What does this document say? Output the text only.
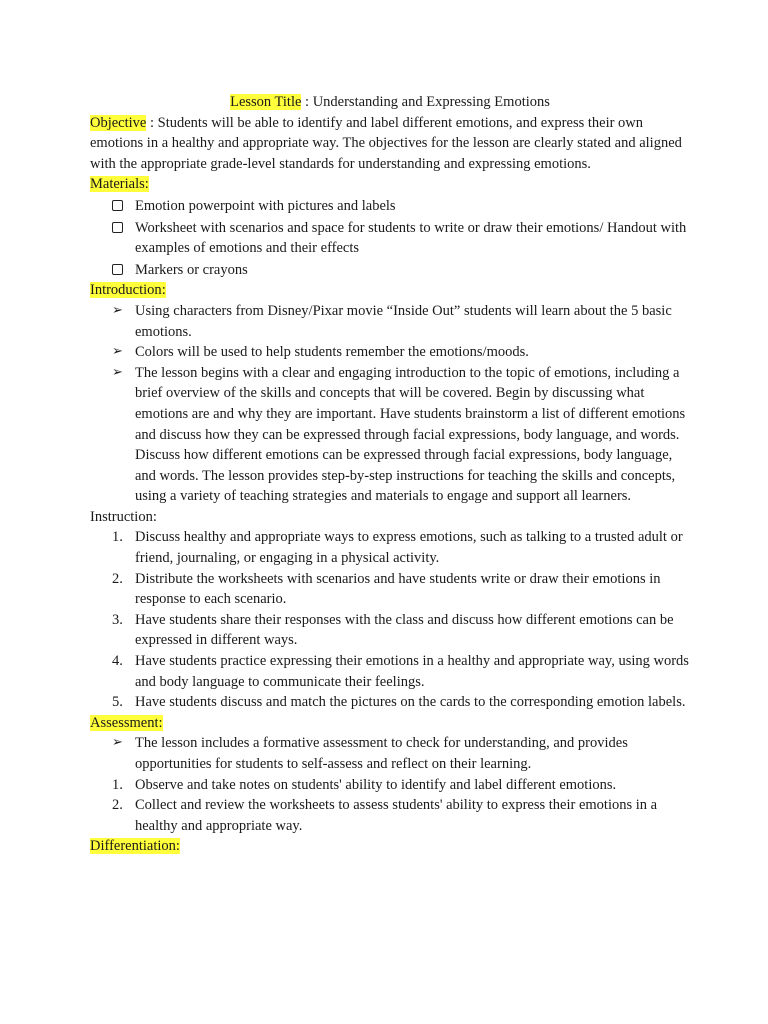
Lesson Title : Understanding and Expressing Emotions

Objective : Students will be able to identify and label different emotions, and express their own emotions in a healthy and appropriate way. The objectives for the lesson are clearly stated and aligned with the appropriate grade-level standards for understanding and expressing emotions.

Materials:

Emotion powerpoint with pictures and labels
Worksheet with scenarios and space for students to write or draw their emotions/ Handout with examples of emotions and their effects
Markers or crayons

Introduction:

➢ Using characters from Disney/Pixar movie “Inside Out” students will learn about the 5 basic emotions.
➢ Colors will be used to help students remember the emotions/moods.
➢ The lesson begins with a clear and engaging introduction to the topic of emotions, including a brief overview of the skills and concepts that will be covered. Begin by discussing what emotions are and why they are important. Have students brainstorm a list of different emotions and discuss how they can be expressed through facial expressions, body language, and words. Discuss how different emotions can be expressed through facial expressions, body language, and words. The lesson provides step-by-step instructions for teaching the skills and concepts, using a variety of teaching strategies and materials to engage and support all learners.

Instruction:

1. Discuss healthy and appropriate ways to express emotions, such as talking to a trusted adult or friend, journaling, or engaging in a physical activity.
2. Distribute the worksheets with scenarios and have students write or draw their emotions in response to each scenario.
3. Have students share their responses with the class and discuss how different emotions can be expressed in different ways.
4. Have students practice expressing their emotions in a healthy and appropriate way, using words and body language to communicate their feelings.
5. Have students discuss and match the pictures on the cards to the corresponding emotion labels.

Assessment:

➢ The lesson includes a formative assessment to check for understanding, and provides opportunities for students to self-assess and reflect on their learning.
1. Observe and take notes on students' ability to identify and label different emotions.
2. Collect and review the worksheets to assess students' ability to express their emotions in a healthy and appropriate way.

Differentiation:
